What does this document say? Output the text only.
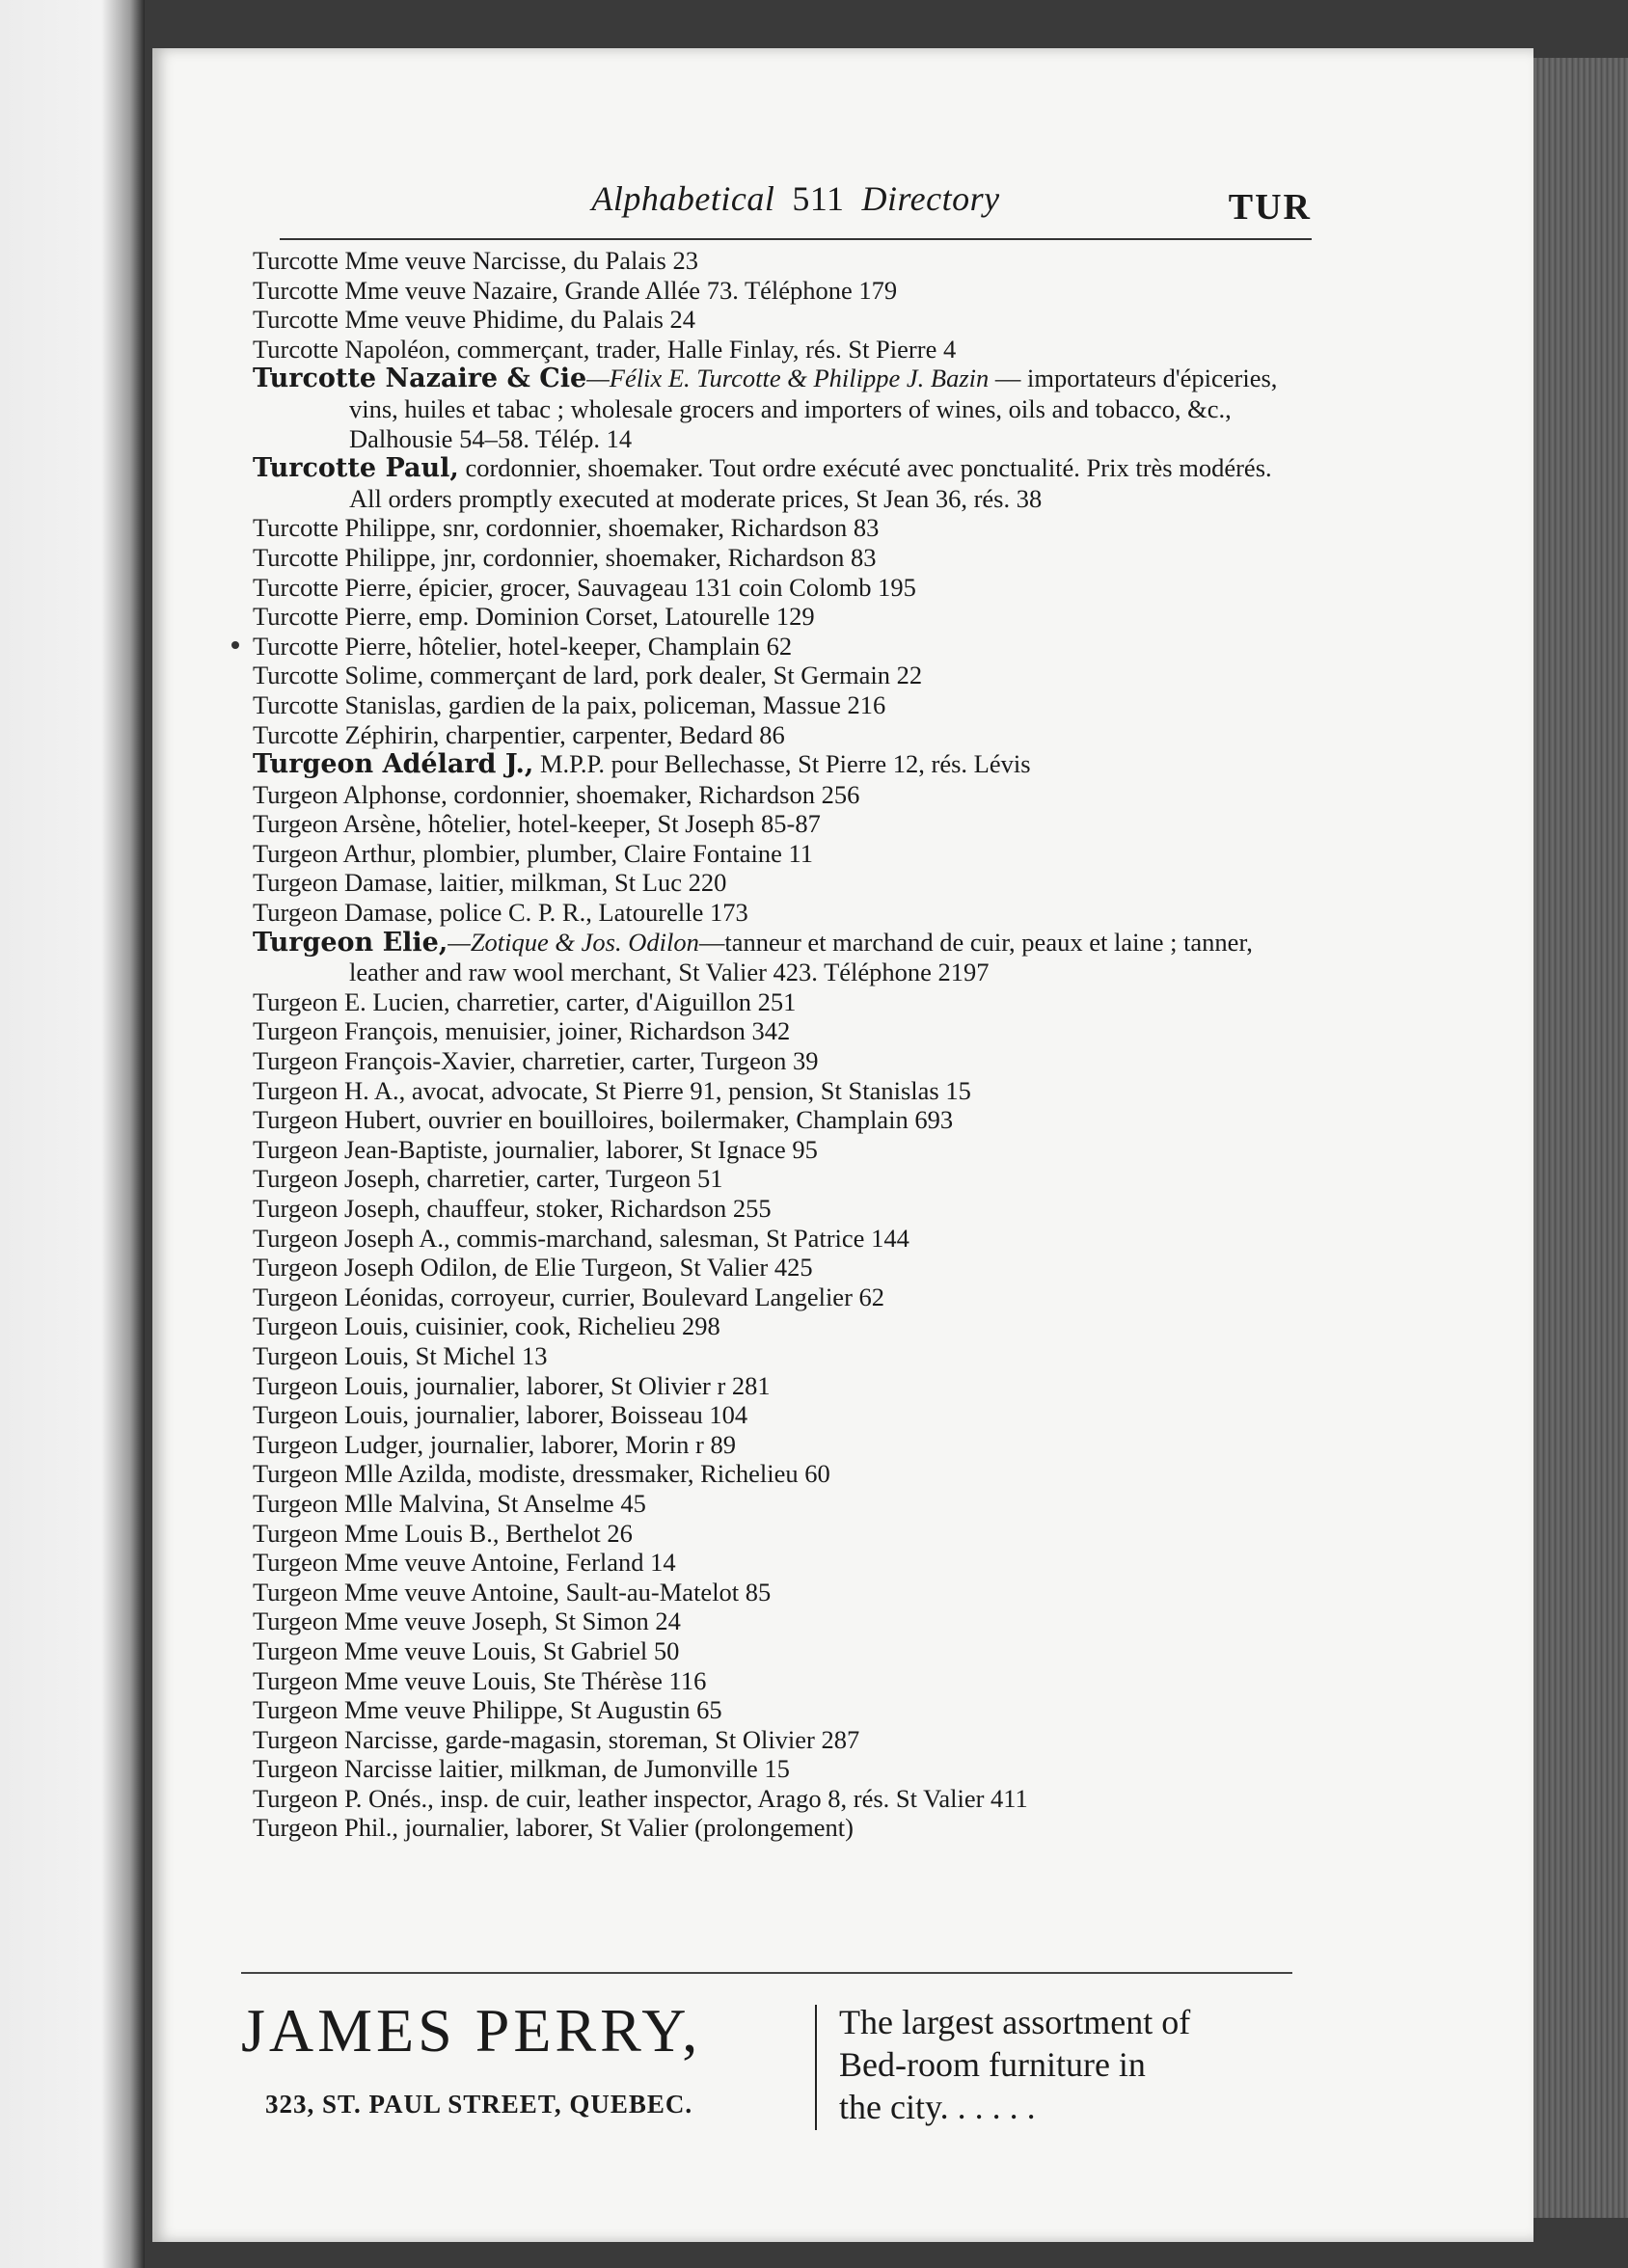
Alphabetical 511 Directory	TUR

Turcotte Mme veuve Narcisse, du Palais 23

Turcotte Mme veuve Nazaire, Grande Allée 73. Téléphone 179

Turcotte Mme veuve Phidime, du Palais 24

Turcotte Napoléon, commerçant, trader, Halle Finlay, rés. St Pierre 4

Turcotte Nazaire & Cie—Félix E. Turcotte & Philippe J. Bazin — importateurs d'épiceries, vins, huiles et tabac ; wholesale grocers and importers of wines, oils and tobacco, &c., Dalhousie 54–58. Télép. 14

Turcotte Paul, cordonnier, shoemaker. Tout ordre exécuté avec ponctualité. Prix très modérés. All orders promptly executed at moderate prices, St Jean 36, rés. 38

Turcotte Philippe, snr, cordonnier, shoemaker, Richardson 83

Turcotte Philippe, jnr, cordonnier, shoemaker, Richardson 83

Turcotte Pierre, épicier, grocer, Sauvageau 131 coin Colomb 195

Turcotte Pierre, emp. Dominion Corset, Latourelle 129

Turcotte Pierre, hôtelier, hotel-keeper, Champlain 62

Turcotte Solime, commerçant de lard, pork dealer, St Germain 22

Turcotte Stanislas, gardien de la paix, policeman, Massue 216

Turcotte Zéphirin, charpentier, carpenter, Bedard 86

Turgeon Adélard J., M.P.P. pour Bellechasse, St Pierre 12, rés. Lévis

Turgeon Alphonse, cordonnier, shoemaker, Richardson 256

Turgeon Arsène, hôtelier, hotel-keeper, St Joseph 85-87

Turgeon Arthur, plombier, plumber, Claire Fontaine 11

Turgeon Damase, laitier, milkman, St Luc 220

Turgeon Damase, police C. P. R., Latourelle 173

Turgeon Elie,—Zotique & Jos. Odilon—tanneur et marchand de cuir, peaux et laine ; tanner, leather and raw wool merchant, St Valier 423. Téléphone 2197

Turgeon E. Lucien, charretier, carter, d'Aiguillon 251

Turgeon François, menuisier, joiner, Richardson 342

Turgeon François-Xavier, charretier, carter, Turgeon 39

Turgeon H. A., avocat, advocate, St Pierre 91, pension, St Stanislas 15

Turgeon Hubert, ouvrier en bouilloires, boilermaker, Champlain 693

Turgeon Jean-Baptiste, journalier, laborer, St Ignace 95

Turgeon Joseph, charretier, carter, Turgeon 51

Turgeon Joseph, chauffeur, stoker, Richardson 255

Turgeon Joseph A., commis-marchand, salesman, St Patrice 144

Turgeon Joseph Odilon, de Elie Turgeon, St Valier 425

Turgeon Léonidas, corroyeur, currier, Boulevard Langelier 62

Turgeon Louis, cuisinier, cook, Richelieu 298

Turgeon Louis, St Michel 13

Turgeon Louis, journalier, laborer, St Olivier r 281

Turgeon Louis, journalier, laborer, Boisseau 104

Turgeon Ludger, journalier, laborer, Morin r 89

Turgeon Mlle Azilda, modiste, dressmaker, Richelieu 60

Turgeon Mlle Malvina, St Anselme 45

Turgeon Mme Louis B., Berthelot 26

Turgeon Mme veuve Antoine, Ferland 14

Turgeon Mme veuve Antoine, Sault-au-Matelot 85

Turgeon Mme veuve Joseph, St Simon 24

Turgeon Mme veuve Louis, St Gabriel 50

Turgeon Mme veuve Louis, Ste Thérèse 116

Turgeon Mme veuve Philippe, St Augustin 65

Turgeon Narcisse, garde-magasin, storeman, St Olivier 287

Turgeon Narcisse laitier, milkman, de Jumonville 15

Turgeon P. Onés., insp. de cuir, leather inspector, Arago 8, rés. St Valier 411

Turgeon Phil., journalier, laborer, St Valier (prolongement)

JAMES PERRY,
323, ST. PAUL STREET, QUEBEC.
The largest assortment of
Bed-room furniture in
the city. . . . . .
